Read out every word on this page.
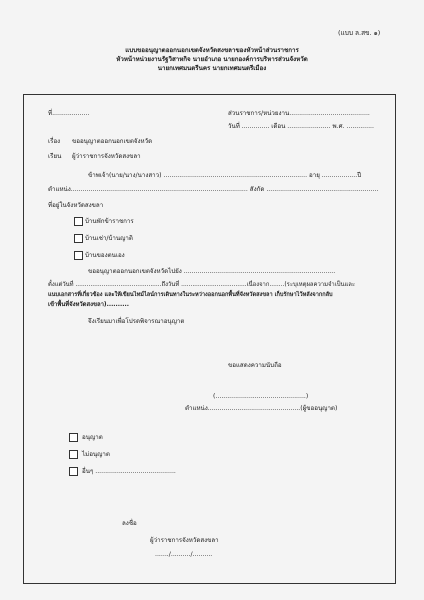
(แบบ ล.สข. ๑)
แบบขออนุญาตออกนอกเขตจังหวัดสงขลาของหัวหน้าส่วนราชการ
หัวหน้าหน่วยงานรัฐวิสาหกิจ นายอำเภอ นายกองค์การบริหารส่วนจังหวัด
นายกเทศมนตรีนคร นายกเทศมนตรีเมือง
ที่...................	ส่วนราชการ/หน่วยงาน.........................................
วันที่ .............. เดือน ...................... พ.ศ. ..............
เรื่อง ขออนุญาตออกนอกเขตจังหวัด
เรียน ผู้ว่าราชการจังหวัดสงขลา
ข้าพเจ้า(นาย/นาง/นางสาว) ......................................................................... อายุ ..................ปี
ตำแหน่ง.......................................................................................... สังกัด .........................................................
ที่อยู่ในจังหวัดสงขลา
บ้านพักข้าราชการ
บ้านเช่า/บ้านญาติ
บ้านของตนเอง
ขออนุญาตออกนอกเขตจังหวัดไปยัง .............................................................................
ตั้งแต่วันที่ ..............................................ถึงวันที่ ...................................เนื่องจาก........(ระบุเหตุผลความจำเป็นและ
แนบเอกสารที่เกี่ยวข้อง และให้เขียนไทม์ไลน์การเดินทางในระหว่างออกนอกพื้นที่จังหวัดสงขลา เก็บรักษาไว้หลังจากกลับ
เข้าพื้นที่จังหวัดสงขลา)..........
จึงเรียนมาเพื่อโปรดพิจารณาอนุญาต
ขอแสดงความนับถือ
(..............................................)
ตำแหน่ง...............................................(ผู้ขออนุญาต)
อนุญาต
ไม่อนุญาต
อื่นๆ .........................................
ลงชื่อ
ผู้ว่าราชการจังหวัดสงขลา
......./........../..........
